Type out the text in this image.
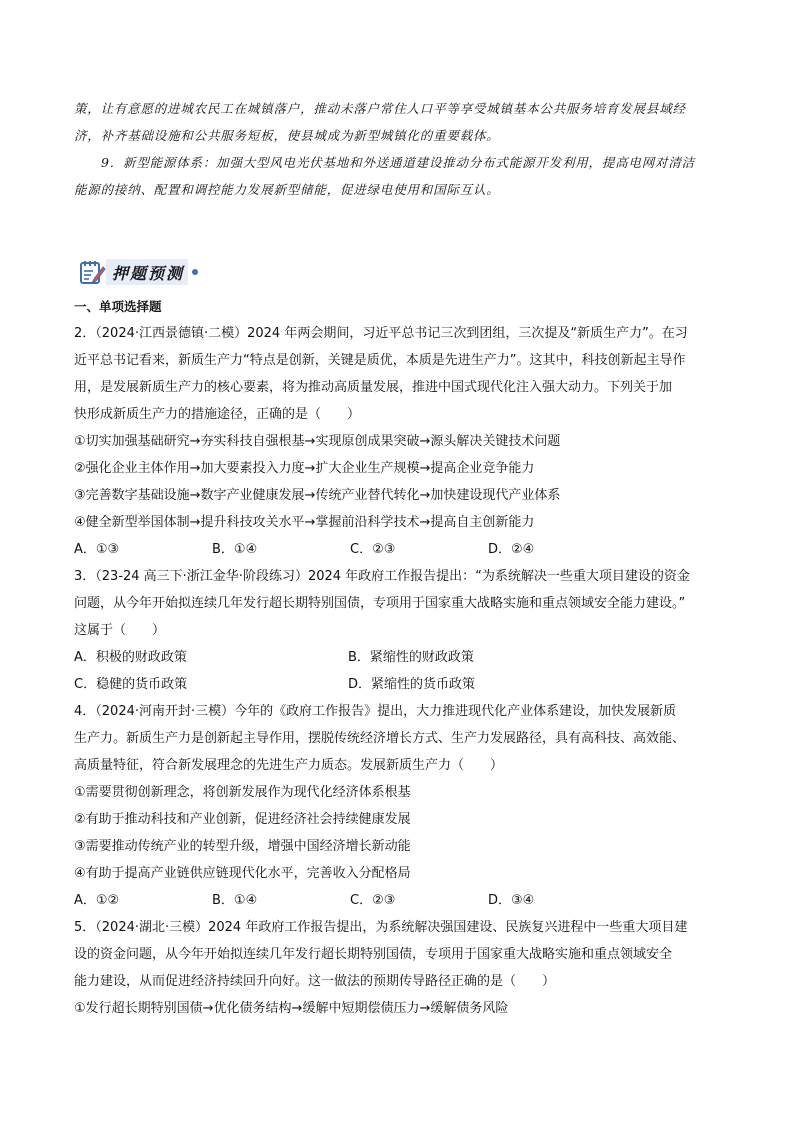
策，让有意愿的进城农民工在城镇落户，推动未落户常住人口平等享受城镇基本公共服务培育发展县域经

济，补齐基础设施和公共服务短板，使县城成为新型城镇化的重要载体。

9．新型能源体系：加强大型风电光伏基地和外送通道建设推动分布式能源开发利用，提高电网对清洁

能源的接纳、配置和调控能力发展新型储能，促进绿电使用和国际互认。

押题预测

一、单项选择题

2．（2024·江西景德镇·二模）2024 年两会期间，习近平总书记三次到团组，三次提及“新质生产力”。在习

近平总书记看来，新质生产力“特点是创新，关键是质优，本质是先进生产力”。这其中，科技创新起主导作

用，是发展新质生产力的核心要素，将为推动高质量发展，推进中国式现代化注入强大动力。下列关于加

快形成新质生产力的措施途径，正确的是（　　）

①切实加强基础研究→夯实科技自强根基→实现原创成果突破→源头解决关键技术问题

②强化企业主体作用→加大要素投入力度→扩大企业生产规模→提高企业竞争能力

③完善数字基础设施→数字产业健康发展→传统产业替代转化→加快建设现代产业体系

④健全新型举国体制→提升科技攻关水平→掌握前沿科学技术→提高自主创新能力

A．①③	B．①④	C．②③	D．②④

3．（23-24 高三下·浙江金华·阶段练习）2024 年政府工作报告提出：“为系统解决一些重大项目建设的资金

问题，从今年开始拟连续几年发行超长期特别国债，专项用于国家重大战略实施和重点领域安全能力建设。”

这属于（　　）

A．积极的财政政策	B．紧缩性的财政政策

C．稳健的货币政策	D．紧缩性的货币政策

4．（2024·河南开封·三模）今年的《政府工作报告》提出，大力推进现代化产业体系建设，加快发展新质

生产力。新质生产力是创新起主导作用，摆脱传统经济增长方式、生产力发展路径，具有高科技、高效能、

高质量特征，符合新发展理念的先进生产力质态。发展新质生产力（　　）

①需要贯彻创新理念，将创新发展作为现代化经济体系根基

②有助于推动科技和产业创新，促进经济社会持续健康发展

③需要推动传统产业的转型升级，增强中国经济增长新动能

④有助于提高产业链供应链现代化水平，完善收入分配格局

A．①②	B．①④	C．②③	D．③④

5．（2024·湖北·三模）2024 年政府工作报告提出，为系统解决强国建设、民族复兴进程中一些重大项目建

设的资金问题，从今年开始拟连续几年发行超长期特别国债，专项用于国家重大战略实施和重点领域安全

能力建设，从而促进经济持续回升向好。这一做法的预期传导路径正确的是（　　）

①发行超长期特别国债→优化债务结构→缓解中短期偿债压力→缓解债务风险
